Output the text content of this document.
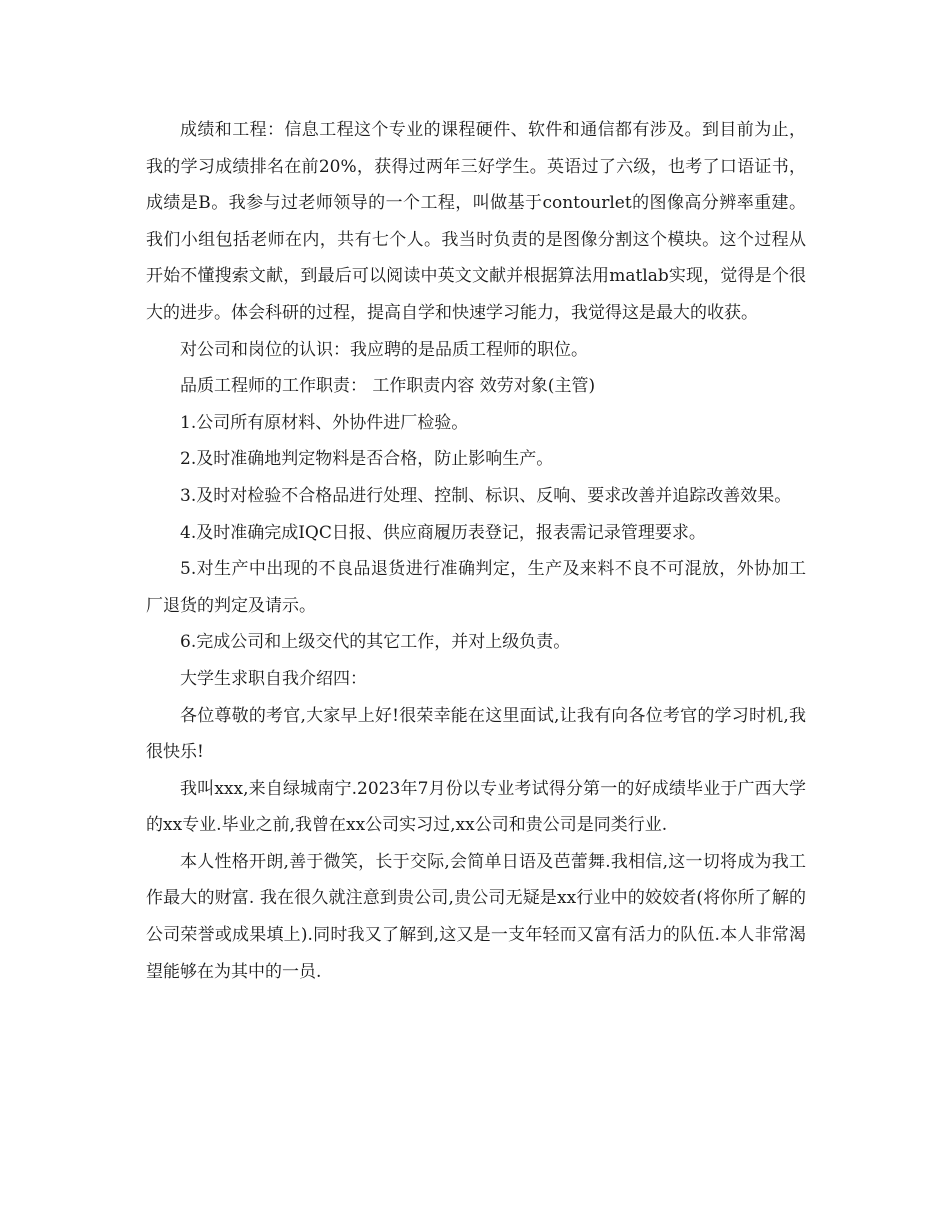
成绩和工程：信息工程这个专业的课程硬件、软件和通信都有涉及。到目前为止，我的学习成绩排名在前20%，获得过两年三好学生。英语过了六级，也考了口语证书，成绩是B。我参与过老师领导的一个工程，叫做基于contourlet的图像高分辨率重建。我们小组包括老师在内，共有七个人。我当时负责的是图像分割这个模块。这个过程从开始不懂搜索文献，到最后可以阅读中英文文献并根据算法用matlab实现，觉得是个很大的进步。体会科研的过程，提高自学和快速学习能力，我觉得这是最大的收获。

对公司和岗位的认识：我应聘的是品质工程师的职位。

品质工程师的工作职责： 工作职责内容 效劳对象(主管)

1.公司所有原材料、外协件进厂检验。

2.及时准确地判定物料是否合格，防止影响生产。

3.及时对检验不合格品进行处理、控制、标识、反响、要求改善并追踪改善效果。

4.及时准确完成IQC日报、供应商履历表登记，报表需记录管理要求。

5.对生产中出现的不良品退货进行准确判定，生产及来料不良不可混放，外协加工厂退货的判定及请示。

6.完成公司和上级交代的其它工作，并对上级负责。

大学生求职自我介绍四：

各位尊敬的考官,大家早上好!很荣幸能在这里面试,让我有向各位考官的学习时机,我很快乐!

我叫xxx,来自绿城南宁.2023年7月份以专业考试得分第一的好成绩毕业于广西大学的xx专业.毕业之前,我曾在xx公司实习过,xx公司和贵公司是同类行业.

本人性格开朗,善于微笑，长于交际,会简单日语及芭蕾舞.我相信,这一切将成为我工作最大的财富. 我在很久就注意到贵公司,贵公司无疑是xx行业中的姣姣者(将你所了解的公司荣誉或成果填上).同时我又了解到,这又是一支年轻而又富有活力的队伍.本人非常渴望能够在为其中的一员.
